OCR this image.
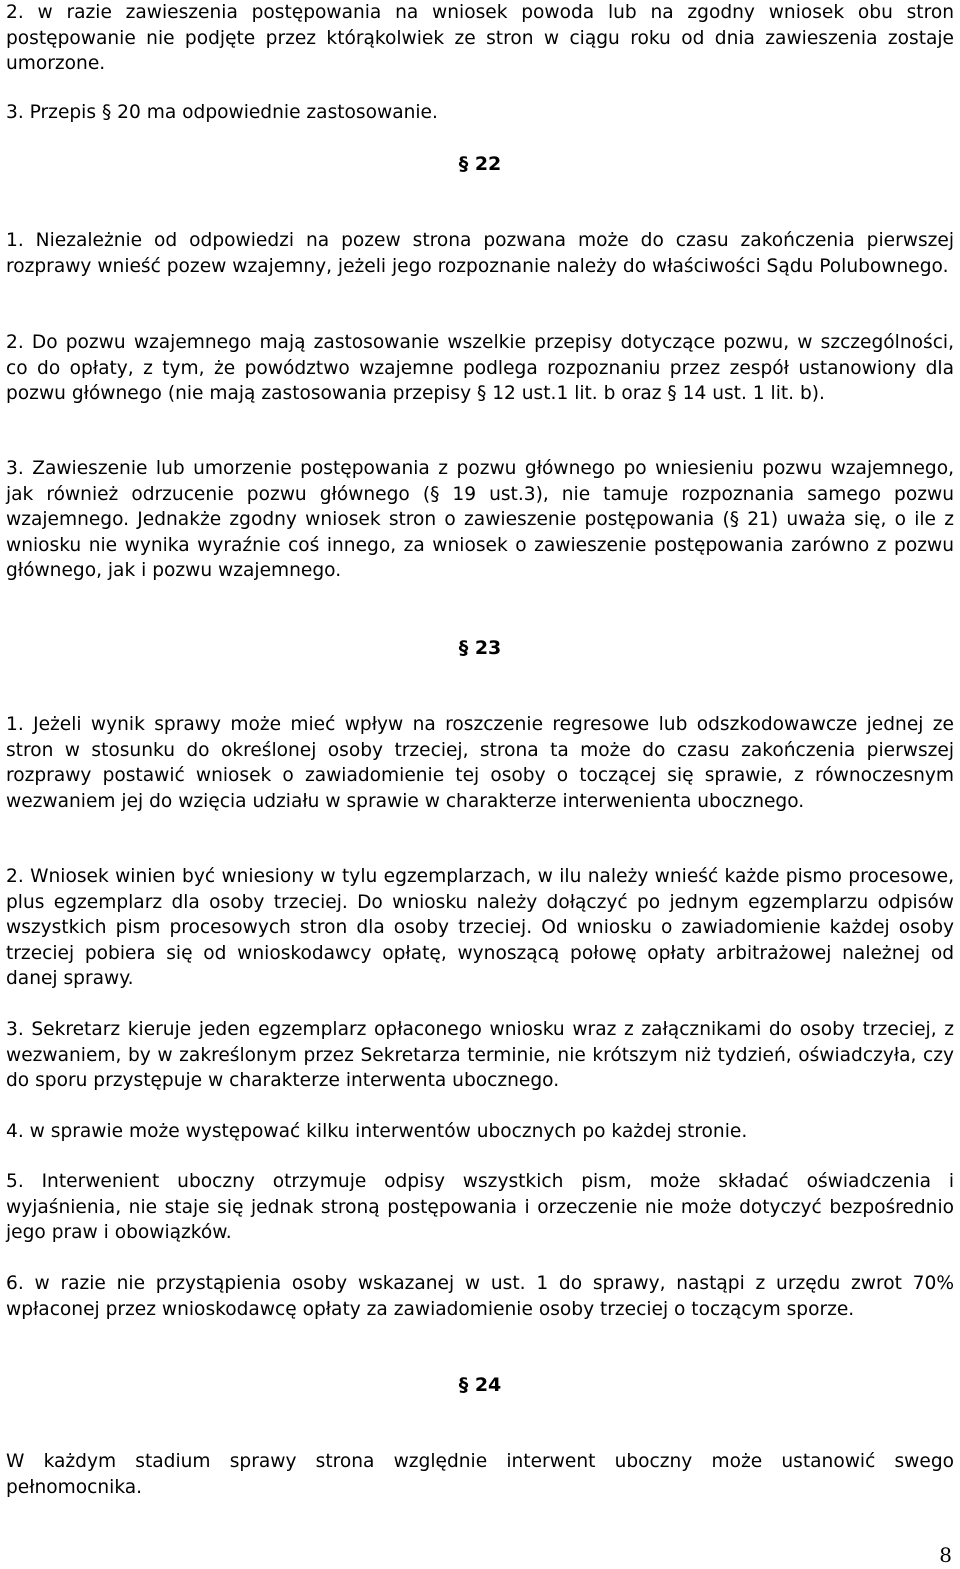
2. w razie zawieszenia postępowania na wniosek powoda lub na zgodny wniosek obu stron postępowanie nie podjęte przez którąkolwiek ze stron w ciągu roku od dnia zawieszenia zostaje umorzone.

3. Przepis § 20 ma odpowiednie zastosowanie.

§ 22

1. Niezależnie od odpowiedzi na pozew strona pozwana może do czasu zakończenia pierwszej rozprawy wnieść pozew wzajemny, jeżeli jego rozpoznanie należy do właściwości Sądu Polubownego.

2. Do pozwu wzajemnego mają zastosowanie wszelkie przepisy dotyczące pozwu, w szczególności, co do opłaty, z tym, że powództwo wzajemne podlega rozpoznaniu przez zespół ustanowiony dla pozwu głównego (nie mają zastosowania przepisy § 12 ust.1 lit. b oraz § 14 ust. 1 lit. b).

3. Zawieszenie lub umorzenie postępowania z pozwu głównego po wniesieniu pozwu wzajemnego, jak również odrzucenie pozwu głównego (§ 19 ust.3), nie tamuje rozpoznania samego pozwu wzajemnego. Jednakże zgodny wniosek stron o zawieszenie postępowania (§ 21) uważa się, o ile z wniosku nie wynika wyraźnie coś innego, za wniosek o zawieszenie postępowania zarówno z pozwu głównego, jak i pozwu wzajemnego.

§ 23

1. Jeżeli wynik sprawy może mieć wpływ na roszczenie regresowe lub odszkodowawcze jednej ze stron w stosunku do określonej osoby trzeciej, strona ta może do czasu zakończenia pierwszej rozprawy postawić wniosek o zawiadomienie tej osoby o toczącej się sprawie, z równoczesnym wezwaniem jej do wzięcia udziału w sprawie w charakterze interwenienta ubocznego.

2. Wniosek winien być wniesiony w tylu egzemplarzach, w ilu należy wnieść każde pismo procesowe, plus egzemplarz dla osoby trzeciej. Do wniosku należy dołączyć po jednym egzemplarzu odpisów wszystkich pism procesowych stron dla osoby trzeciej. Od wniosku o zawiadomienie każdej osoby trzeciej pobiera się od wnioskodawcy opłatę, wynoszącą połowę opłaty arbitrażowej należnej od danej sprawy.

3. Sekretarz kieruje jeden egzemplarz opłaconego wniosku wraz z załącznikami do osoby trzeciej, z wezwaniem, by w zakreślonym przez Sekretarza terminie, nie krótszym niż tydzień, oświadczyła, czy do sporu przystępuje w charakterze interwenta ubocznego.

4. w sprawie może występować kilku interwentów ubocznych po każdej stronie.

5. Interwenient uboczny otrzymuje odpisy wszystkich pism, może składać oświadczenia i wyjaśnienia, nie staje się jednak stroną postępowania i orzeczenie nie może dotyczyć bezpośrednio jego praw i obowiązków.

6. w razie nie przystąpienia osoby wskazanej w ust. 1 do sprawy, nastąpi z urzędu zwrot 70% wpłaconej przez wnioskodawcę opłaty za zawiadomienie osoby trzeciej o toczącym sporze.

§ 24

W każdym stadium sprawy strona względnie interwent uboczny może ustanowić swego pełnomocnika.

8
